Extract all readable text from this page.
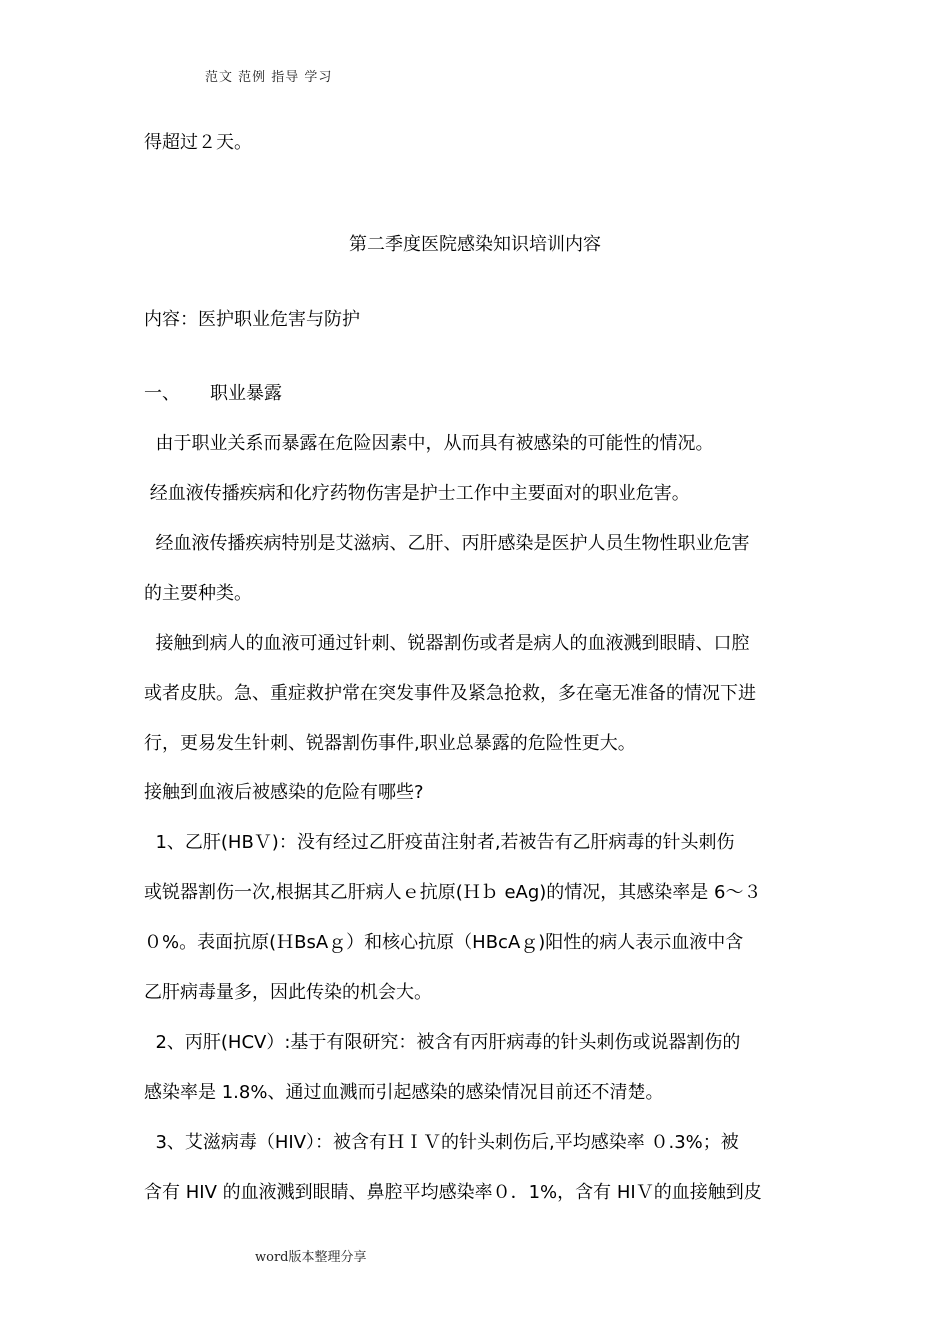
范文 范例 指导 学习
得超过２天。
第二季度医院感染知识培训内容
内容：医护职业危害与防护
一、 职业暴露
由于职业关系而暴露在危险因素中，从而具有被感染的可能性的情况。
经血液传播疾病和化疗药物伤害是护士工作中主要面对的职业危害。
经血液传播疾病特别是艾滋病、乙肝、丙肝感染是医护人员生物性职业危害
的主要种类。
接触到病人的血液可通过针刺、锐器割伤或者是病人的血液溅到眼睛、口腔
或者皮肤。急、重症救护常在突发事件及紧急抢救，多在毫无准备的情况下进
行，更易发生针刺、锐器割伤事件,职业总暴露的危险性更大。
接触到血液后被感染的危险有哪些?
1、乙肝(HBＶ)：没有经过乙肝疫苗注射者,若被告有乙肝病毒的针头刺伤
或锐器割伤一次,根据其乙肝病人ｅ抗原(Ｈｂ eAg)的情况，其感染率是 6～３
０%。表面抗原(ＨBsAｇ）和核心抗原（HBcAｇ)阳性的病人表示血液中含
乙肝病毒量多，因此传染的机会大。
2、丙肝(HCV）:基于有限研究：被含有丙肝病毒的针头刺伤或说器割伤的
感染率是 1.8%、通过血溅而引起感染的感染情况目前还不清楚。
3、艾滋病毒（HIV）：被含有ＨＩＶ的针头刺伤后,平均感染率 ０.3%；被
含有 HIV 的血液溅到眼睛、鼻腔平均感染率０．1%，含有 HIＶ的血接触到皮
word版本整理分享
